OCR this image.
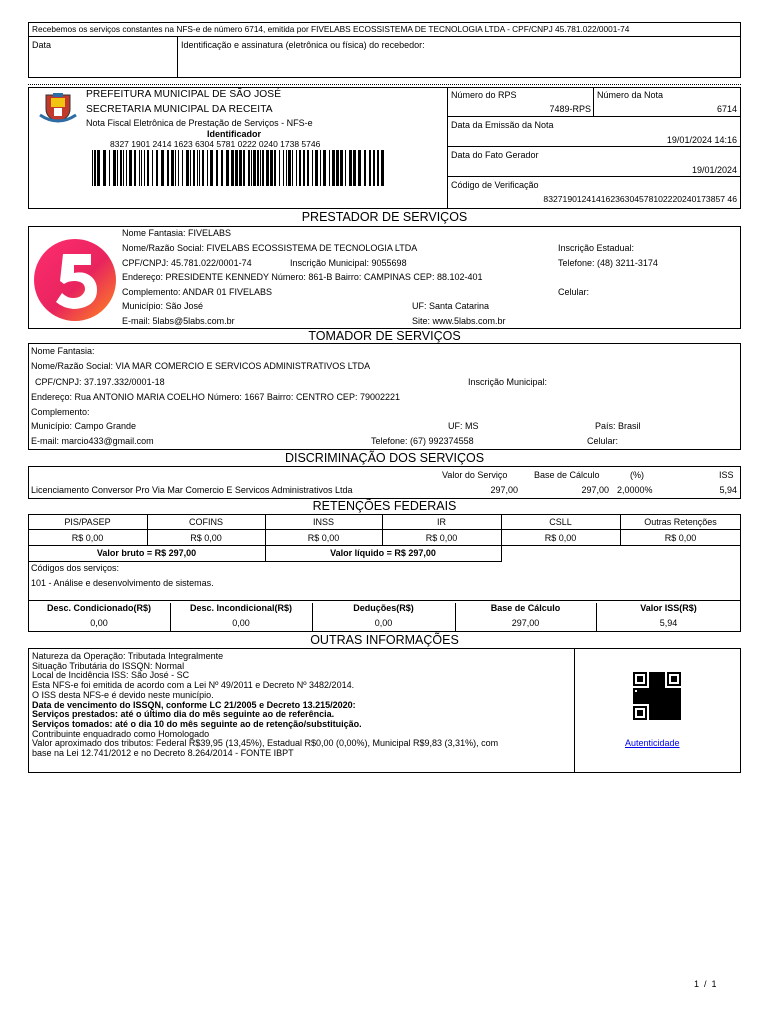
Recebemos os serviços constantes na NFS-e de número 6714, emitida por FIVELABS ECOSSISTEMA DE TECNOLOGIA LTDA - CPF/CNPJ 45.781.022/0001-74
Data	Identificação e assinatura (eletrônica ou física) do recebedor:
PREFEITURA MUNICIPAL DE SÃO JOSÉ
SECRETARIA MUNICIPAL DA RECEITA
Nota Fiscal Eletrônica de Prestação de Serviços - NFS-e
Identificador
8327 1901 2414 1623 6304 5781 0222 0240 1738 5746
Número do RPS
7489-RPS
Número da Nota
6714
Data da Emissão da Nota
19/01/2024 14:16
Data do Fato Gerador
19/01/2024
Código de Verificação
83271901241416236304578102220240173857 46
PRESTADOR DE SERVIÇOS
Nome Fantasia: FIVELABS
Nome/Razão Social: FIVELABS ECOSSISTEMA DE TECNOLOGIA LTDA	Inscrição Estadual:
CPF/CNPJ: 45.781.022/0001-74	Inscrição Municipal: 9055698	Telefone: (48) 3211-3174
Endereço: PRESIDENTE KENNEDY Número: 861-B Bairro: CAMPINAS CEP: 88.102-401
Complemento: ANDAR 01 FIVELABS	Celular:
Município: São José	UF: Santa Catarina
E-mail: 5labs@5labs.com.br	Site: www.5labs.com.br
TOMADOR DE SERVIÇOS
Nome Fantasia:
Nome/Razão Social: VIA MAR COMERCIO E SERVICOS ADMINISTRATIVOS LTDA
CPF/CNPJ: 37.197.332/0001-18	Inscrição Municipal:
Endereço: Rua ANTONIO MARIA COELHO Número: 1667 Bairro: CENTRO CEP: 79002221
Complemento:
Município: Campo Grande	UF: MS	País: Brasil
E-mail: marcio433@gmail.com	Telefone: (67) 992374558	Celular:
DISCRIMINAÇÃO DOS SERVIÇOS
Valor do Serviço	Base de Cálculo	(%)	ISS
Licenciamento Conversor Pro Via Mar Comercio E Servicos Administrativos Ltda	297,00	297,00 2,0000%	5,94
RETENÇÕES FEDERAIS
PIS/PASEP	COFINS	INSS	IR	CSLL	Outras Retenções
R$ 0,00	R$ 0,00	R$ 0,00	R$ 0,00	R$ 0,00	R$ 0,00
Valor bruto = R$ 297,00	Valor líquido = R$ 297,00
Códigos dos serviços:
101 - Análise e desenvolvimento de sistemas.
Desc. Condicionado(R$)	Desc. Incondicional(R$)	Deduções(R$)	Base de Cálculo	Valor ISS(R$)
0,00	0,00	0,00	297,00	5,94
OUTRAS INFORMAÇÕES
Natureza da Operação: Tributada Integralmente
Situação Tributária do ISSQN: Normal
Local de Incidência ISS: São José - SC
Esta NFS-e foi emitida de acordo com a Lei Nº 49/2011 e Decreto Nº 3482/2014.
O ISS desta NFS-e é devido neste município.
Data de vencimento do ISSQN, conforme LC 21/2005 e Decreto 13.215/2020:
Serviços prestados: até o último dia do mês seguinte ao de referência.
Serviços tomados: até o dia 10 do mês seguinte ao de retenção/substituição.
Contribuinte enquadrado como Homologado
Valor aproximado dos tributos: Federal R$39,95 (13,45%), Estadual R$0,00 (0,00%), Municipal R$9,83 (3,31%), com
base na Lei 12.741/2012 e no Decreto 8.264/2014 - FONTE IBPT
Autenticidade
1  /  1
